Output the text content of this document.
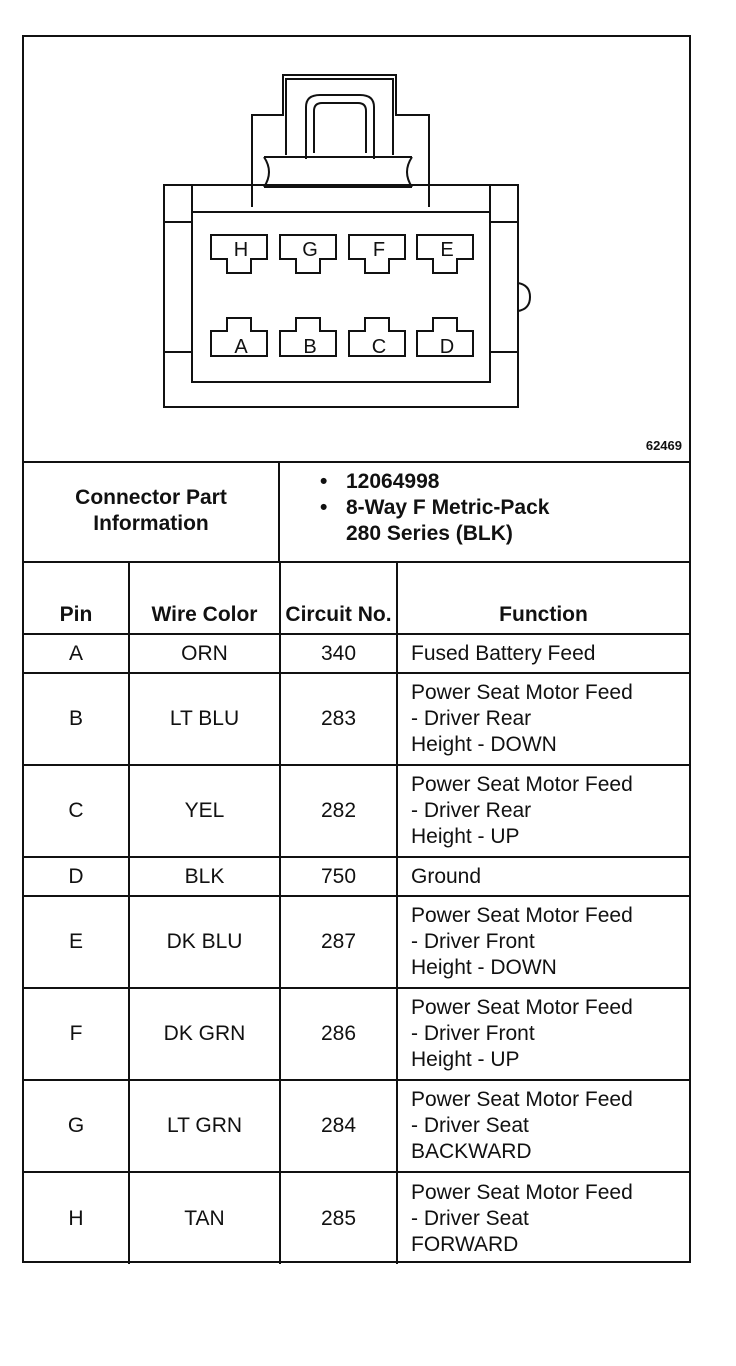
H	G	F	E
A	B	C	D
62469
Connector Part Information
• 12064998
• 8-Way F Metric-Pack
280 Series (BLK)
Pin	Wire Color	Circuit No.	Function
A	ORN	340	Fused Battery Feed
B	LT BLU	283	Power Seat Motor Feed
- Driver Rear
Height - DOWN
C	YEL	282	Power Seat Motor Feed
- Driver Rear
Height - UP
D	BLK	750	Ground
E	DK BLU	287	Power Seat Motor Feed
- Driver Front
Height - DOWN
F	DK GRN	286	Power Seat Motor Feed
- Driver Front
Height - UP
G	LT GRN	284	Power Seat Motor Feed
- Driver Seat
BACKWARD
H	TAN	285	Power Seat Motor Feed
- Driver Seat
FORWARD
